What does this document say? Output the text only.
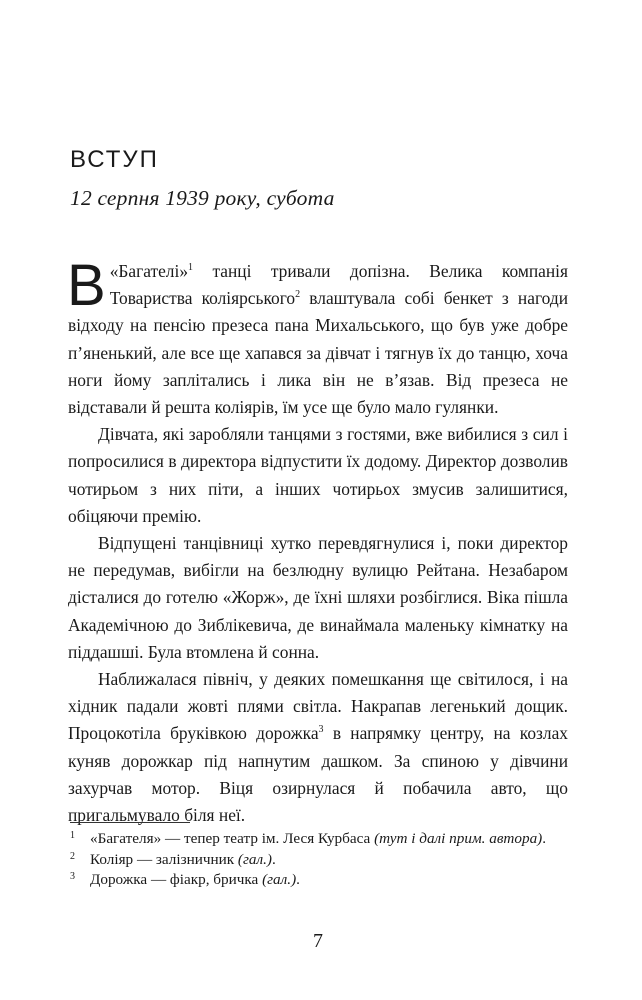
ВСТУП
12 серпня 1939 року, субота

В «Багателі»$^1$ танці тривали допізна. Велика компанія Товариства коліярського$^2$ влаштувала собі бенкет з нагоди відходу на пенсію презеса пана Михальського, що був уже добре п’яненький, але все ще хапався за дівчат і тягнув їх до танцю, хоча ноги йому заплітались і лика він не в’язав. Від презеса не відставали й решта коліярів, їм усе ще було мало гулянки.

Дівчата, які заробляли танцями з гостями, вже вибилися з сил і попросилися в директора відпустити їх додому. Директор дозволив чотирьом з них піти, а інших чотирьох змусив залишитися, обіцяючи премію.

Відпущені танцівниці хутко перевдягнулися і, поки директор не передумав, вибігли на безлюдну вулицю Рейтана. Незабаром дісталися до готелю «Жорж», де їхні шляхи розбіглися. Віка пішла Академічною до Зиблікевича, де винаймала маленьку кімнатку на піддашші. Була втомлена й сонна.

Наближалася північ, у деяких помешкання ще світилося, і на хідник падали жовті плями світла. Накрапав легенький дощик. Процокотіла бруківкою дорожка$^3$ в напрямку центру, на козлах куняв дорожкар під напнутим дашком. За спиною у дівчини захурчав мотор. Віця озирнулася й побачила авто, що пригальмувало біля неї.

1 «Багателя» — тепер театр ім. Леся Курбаса (тут і далі прим. автора).
2 Коліяр — залізничник (гал.).
3 Дорожка — фіакр, бричка (гал.).
7
